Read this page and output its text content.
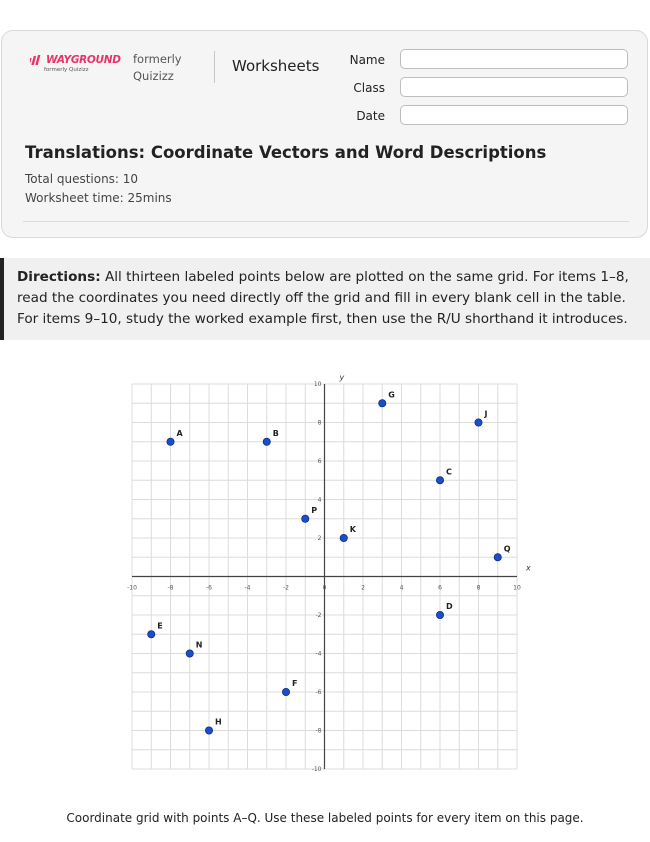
WAYGROUND
formerly Quizizz
formerly Quizizz
Worksheets	Name
Class
Date
Translations: Coordinate Vectors and Word Descriptions
Total questions: 10
Worksheet time: 25mins
Directions: All thirteen labeled points below are plotted on the same grid. For items 1–8, read the coordinates you need directly off the grid and fill in every blank cell in the table. For items 9–10, study the worked example first, then use the R/U shorthand it introduces.
x
y
-10	-8	-6	-4	-2	0	2	4	6	8	10
10
8
6
4
2
-2
-4
-6
-8
-10
A	B
G
J
C
P
K
Q
D
E
N
F
H
Coordinate grid with points A–Q. Use these labeled points for every item on this page.
